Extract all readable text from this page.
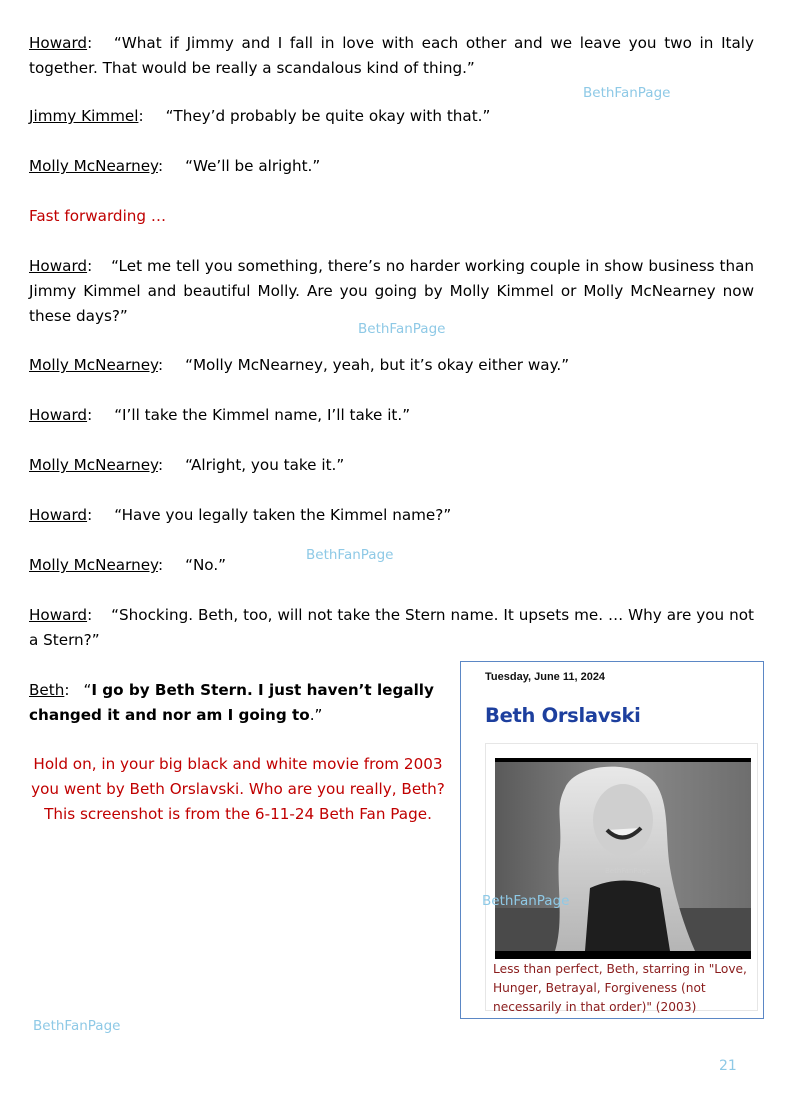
Howard: “What if Jimmy and I fall in love with each other and we leave you two in Italy together. That would be really a scandalous kind of thing.”

Jimmy Kimmel: “They’d probably be quite okay with that.”

Molly McNearney: “We’ll be alright.”

Fast forwarding …

Howard: “Let me tell you something, there’s no harder working couple in show business than Jimmy Kimmel and beautiful Molly. Are you going by Molly Kimmel or Molly McNearney now these days?”

Molly McNearney: “Molly McNearney, yeah, but it’s okay either way.”

Howard: “I’ll take the Kimmel name, I’ll take it.”

Molly McNearney: “Alright, you take it.”

Howard: “Have you legally taken the Kimmel name?”

Molly McNearney: “No.”

Howard: “Shocking. Beth, too, will not take the Stern name. It upsets me. … Why are you not a Stern?”

Beth: “I go by Beth Stern. I just haven’t legally changed it and nor am I going to.”

Hold on, in your big black and white movie from 2003 you went by Beth Orslavski. Who are you really, Beth? This screenshot is from the 6-11-24 Beth Fan Page.

BethFanPage
BethFanPage
BethFanPage
BethFanPage
Tuesday, June 11, 2024
Beth Orslavski
BethFanPage

Less than perfect, Beth, starring in "Love, Hunger, Betrayal, Forgiveness (not necessarily in that order)" (2003)

BethFanPage
21
